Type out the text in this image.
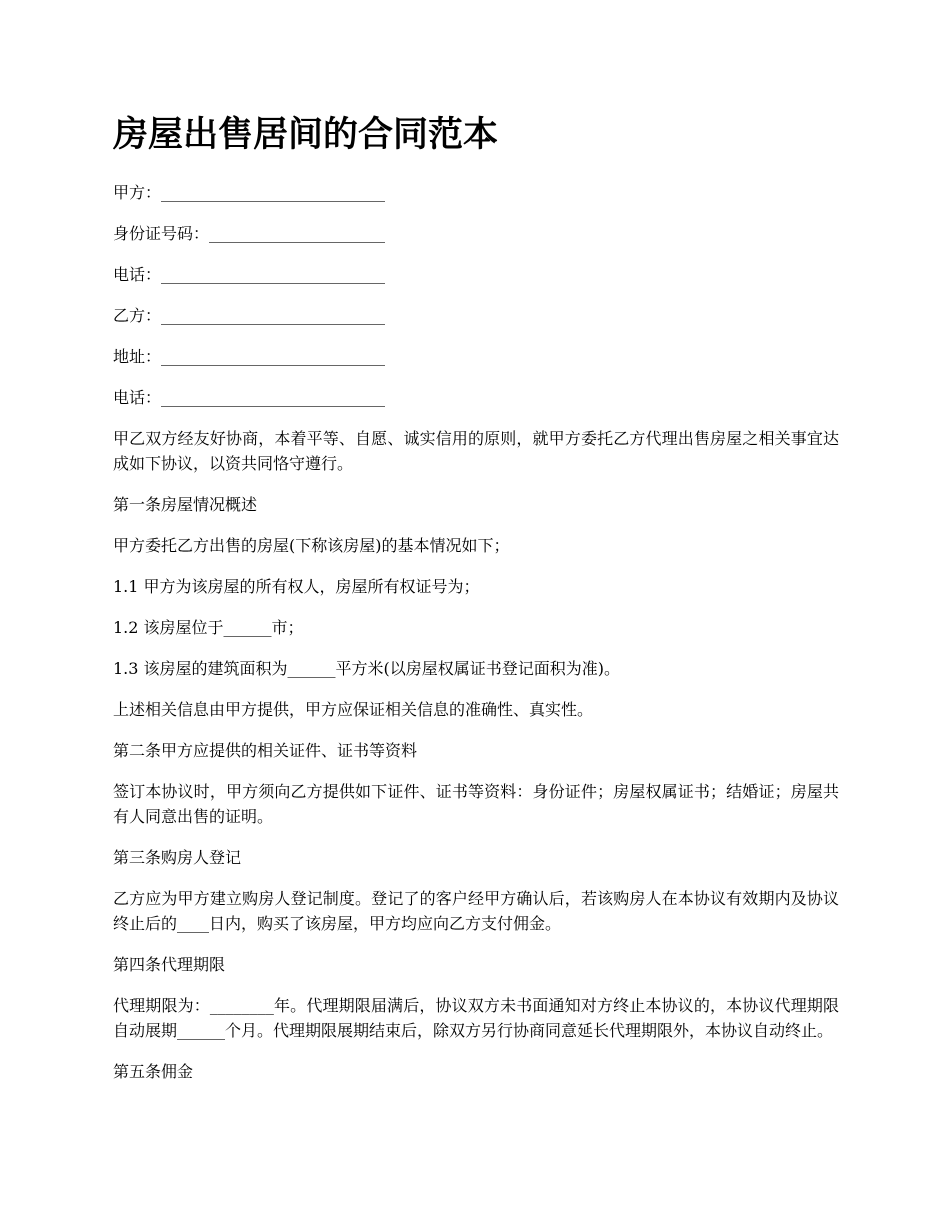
房屋出售居间的合同范本

甲方：____________________________

身份证号码：______________________

电话：____________________________

乙方：____________________________

地址：____________________________

电话：____________________________

甲乙双方经友好协商，本着平等、自愿、诚实信用的原则，就甲方委托乙方代理出售房屋之相关事宜达成如下协议，以资共同恪守遵行。

第一条房屋情况概述

甲方委托乙方出售的房屋(下称该房屋)的基本情况如下；

1.1 甲方为该房屋的所有权人，房屋所有权证号为；

1.2 该房屋位于______市；

1.3 该房屋的建筑面积为______平方米(以房屋权属证书登记面积为准)。

上述相关信息由甲方提供，甲方应保证相关信息的准确性、真实性。

第二条甲方应提供的相关证件、证书等资料

签订本协议时，甲方须向乙方提供如下证件、证书等资料：身份证件；房屋权属证书；结婚证；房屋共有人同意出售的证明。

第三条购房人登记

乙方应为甲方建立购房人登记制度。登记了的客户经甲方确认后，若该购房人在本协议有效期内及协议终止后的____日内，购买了该房屋，甲方均应向乙方支付佣金。

第四条代理期限

代理期限为：________年。代理期限届满后，协议双方未书面通知对方终止本协议的，本协议代理期限自动展期______个月。代理期限展期结束后，除双方另行协商同意延长代理期限外，本协议自动终止。

第五条佣金
